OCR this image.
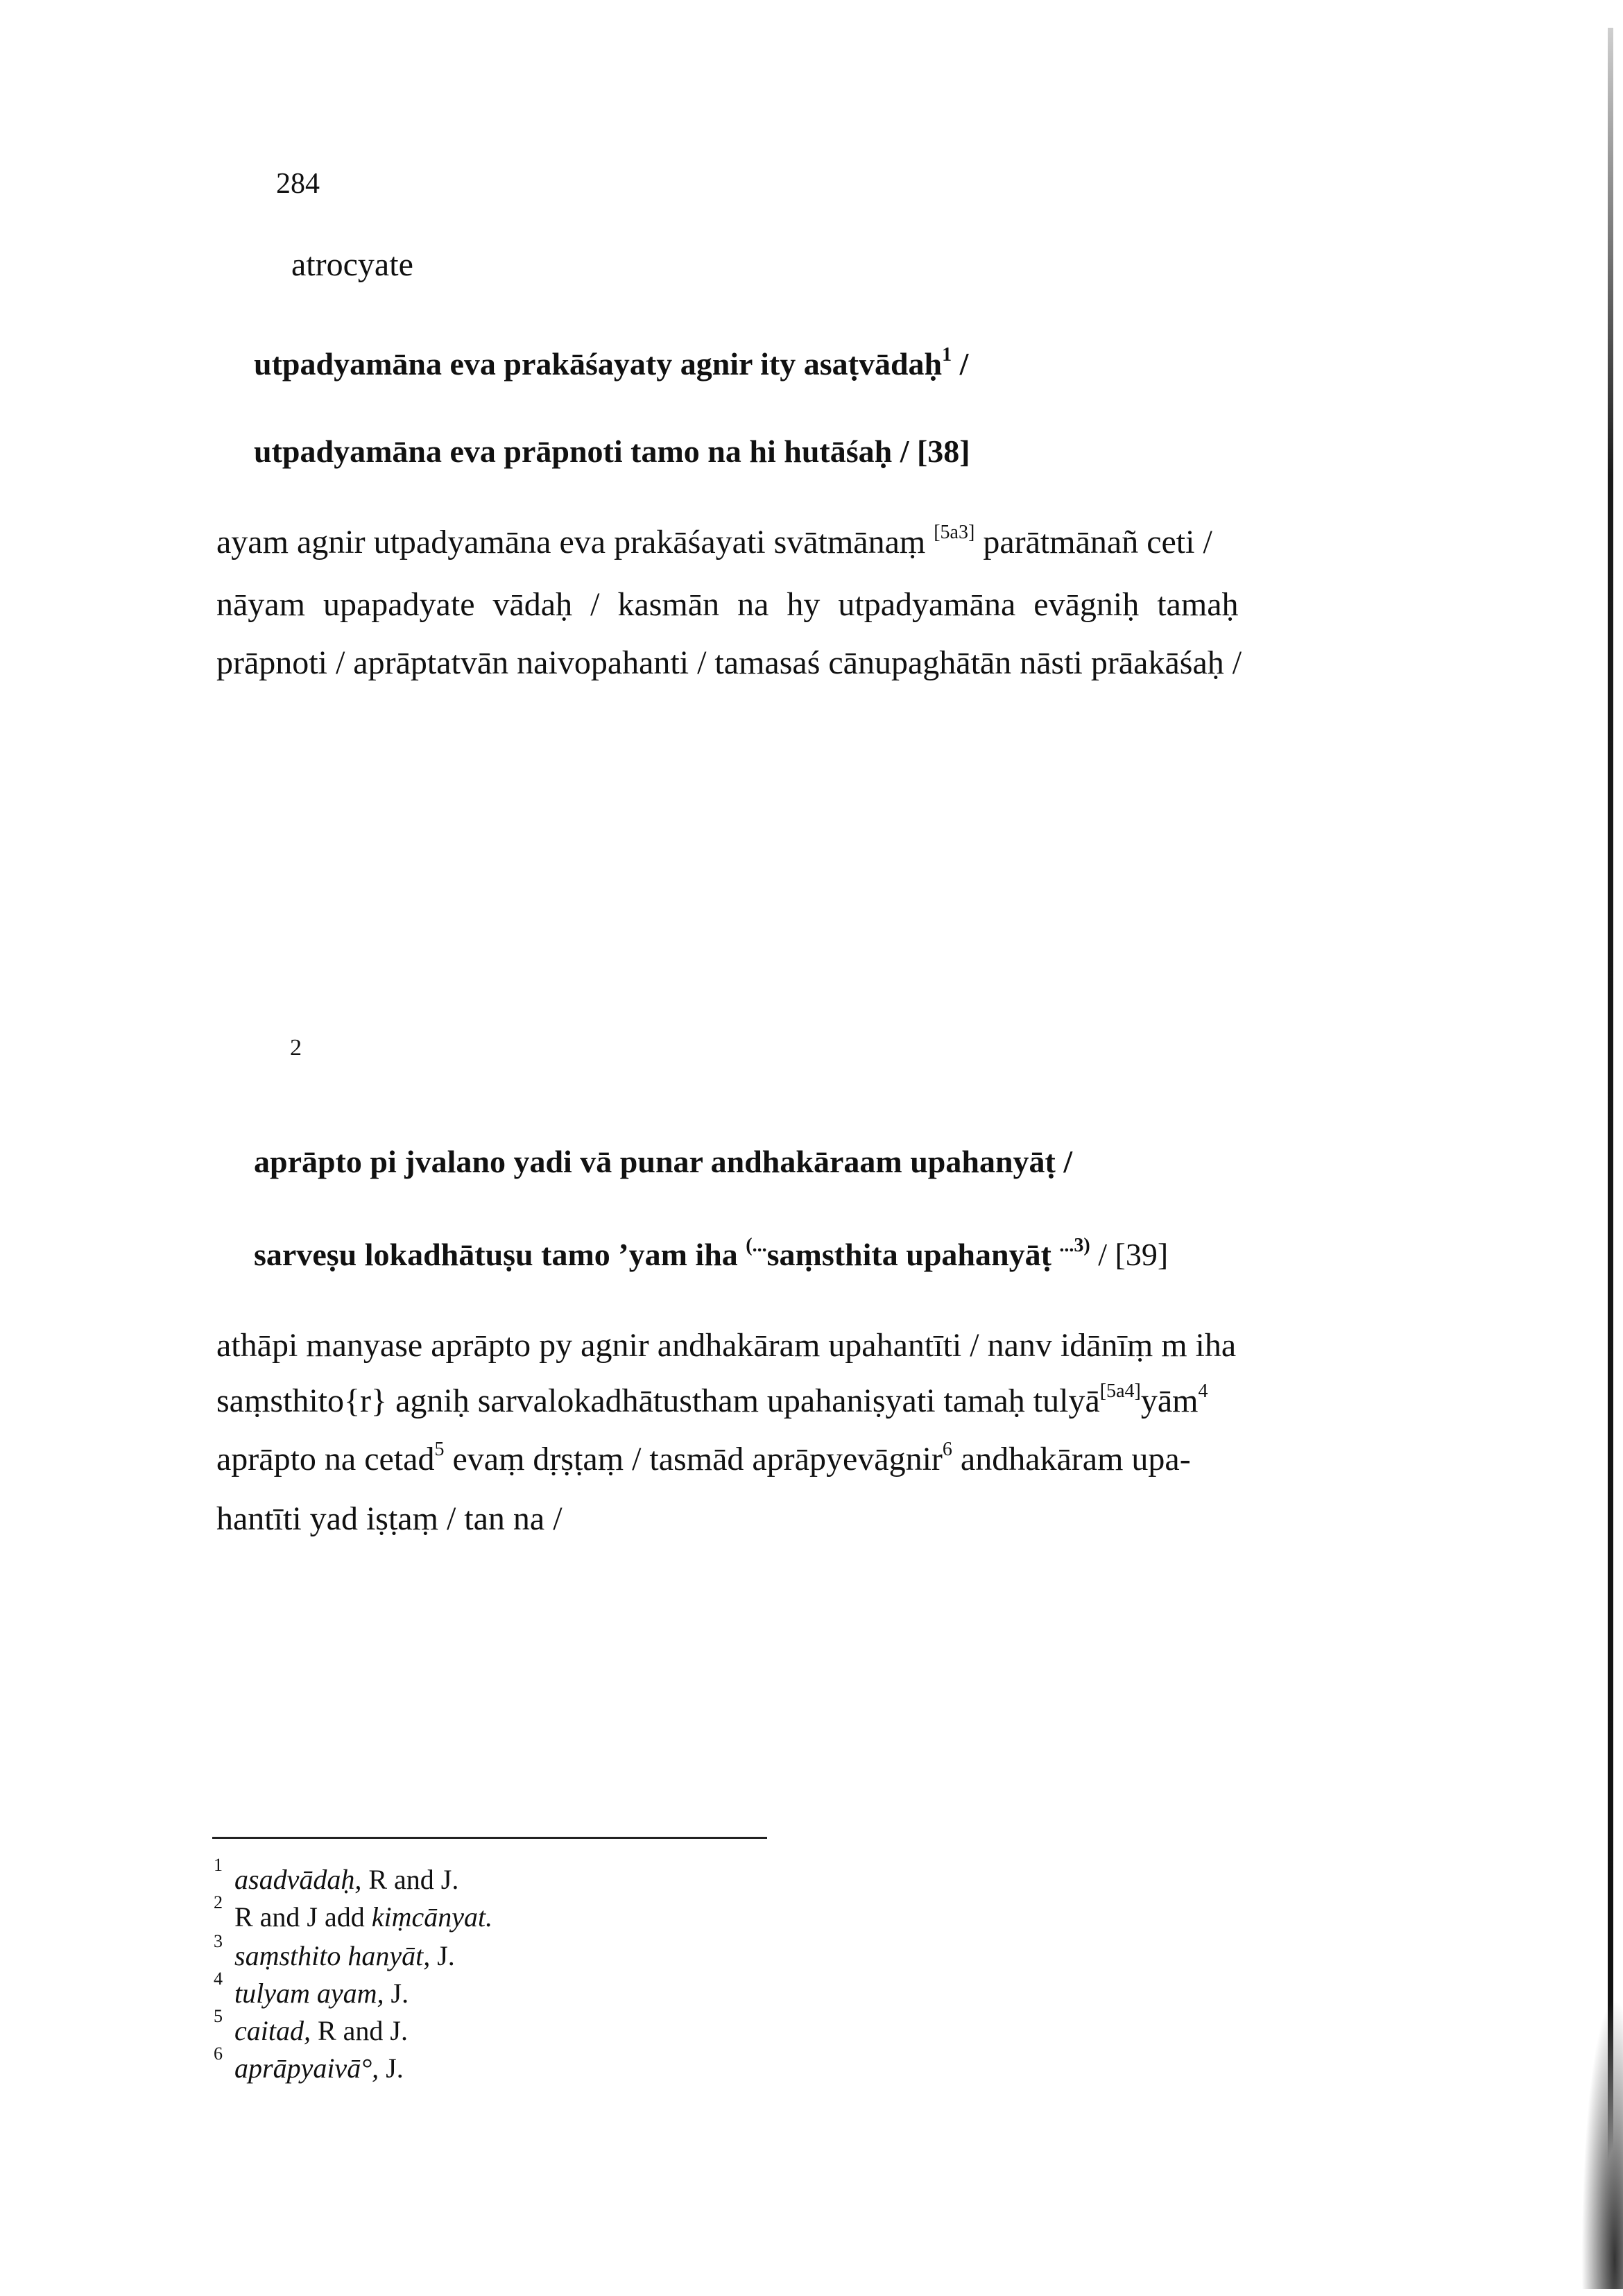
284
atrocyate
utpadyamāna eva prakāśayaty agnir ity asaṭvādaḥ$^1$ /
utpadyamāna eva prāpnoti tamo na hi hutāśaḥ / [38]
ayam agnir utpadyamāna eva prakāśayati svātmānaṃ [5a3] parātmānañ ceti /
nāyam upapadyate vādaḥ / kasmān na hy utpadyamāna evāgniḥ tamaḥ
prāpnoti / aprāptatvān naivopahanti / tamasaś cānupaghātān nāsti prāakāśaḥ /
2
aprāpto pi jvalano yadi vā punar andhakāraam upahanyāṭ /
sarveṣu lokadhātuṣu tamo ’yam iha (...saṃsthita upahanyāṭ $^{...3)}$ / [39]
athāpi manyase aprāpto py agnir andhakāram upahantīti / nanv idānīṃ m iha
saṃsthito{r} agniḥ sarvalokadhātustham upahaniṣyati tamaḥ tulyā[5a4]yām$^4$
aprāpto na cetad$^5$ evaṃ dṛṣṭaṃ / tasmād aprāpyevāgnir$^6$ andhakāram upa-
hantīti yad iṣṭaṃ / tan na /
1 asadvādaḥ, R and J.
2 R and J add kiṃcānyat.
3 saṃsthito hanyāt, J.
4 tulyam ayam, J.
5 caitad, R and J.
6 aprāpyaivā°, J.
